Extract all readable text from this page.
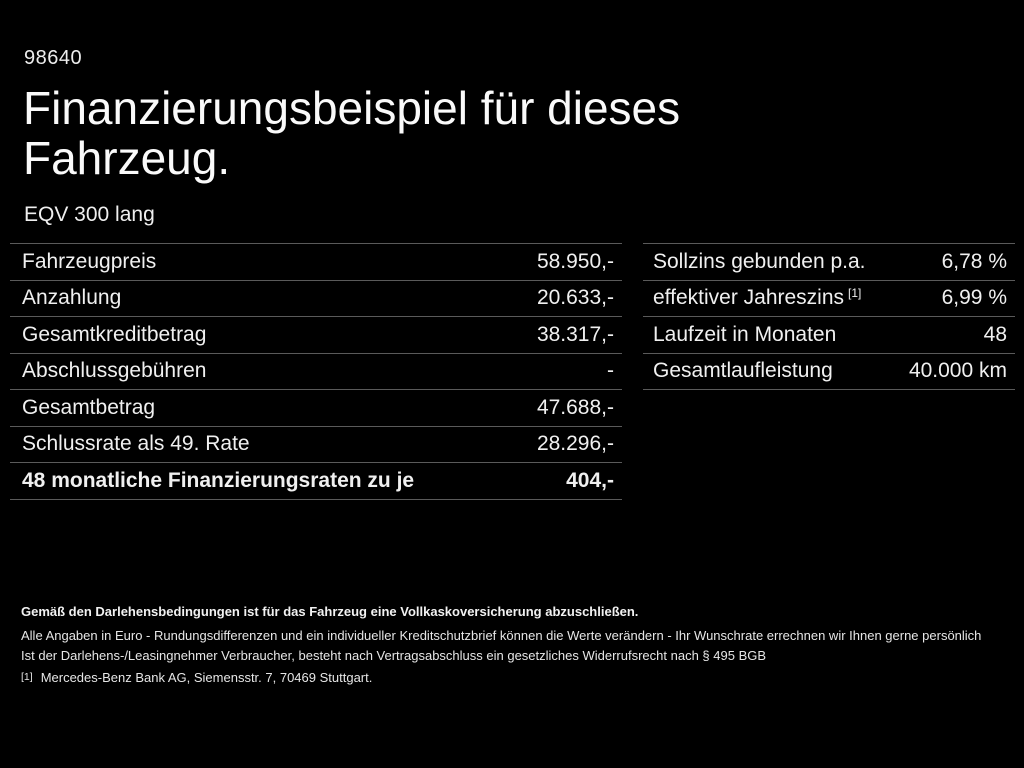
98640
Finanzierungsbeispiel für dieses
Fahrzeug.
EQV 300 lang
Fahrzeugpreis	58.950,-
Anzahlung	20.633,-
Gesamtkreditbetrag	38.317,-
Abschlussgebühren	-
Gesamtbetrag	47.688,-
Schlussrate als 49. Rate	28.296,-
48 monatliche Finanzierungsraten zu je	404,-
Sollzins gebunden p.a.	6,78 %
effektiver Jahreszins [1]	6,99 %
Laufzeit in Monaten	48
Gesamtlaufleistung	40.000 km
Gemäß den Darlehensbedingungen ist für das Fahrzeug eine Vollkaskoversicherung abzuschließen.
Alle Angaben in Euro - Rundungsdifferenzen und ein individueller Kreditschutzbrief können die Werte verändern - Ihr Wunschrate errechnen wir Ihnen gerne persönlich
Ist der Darlehens-/Leasingnehmer Verbraucher, besteht nach Vertragsabschluss ein gesetzliches Widerrufsrecht nach § 495 BGB
[1] Mercedes-Benz Bank AG, Siemensstr. 7, 70469 Stuttgart.
